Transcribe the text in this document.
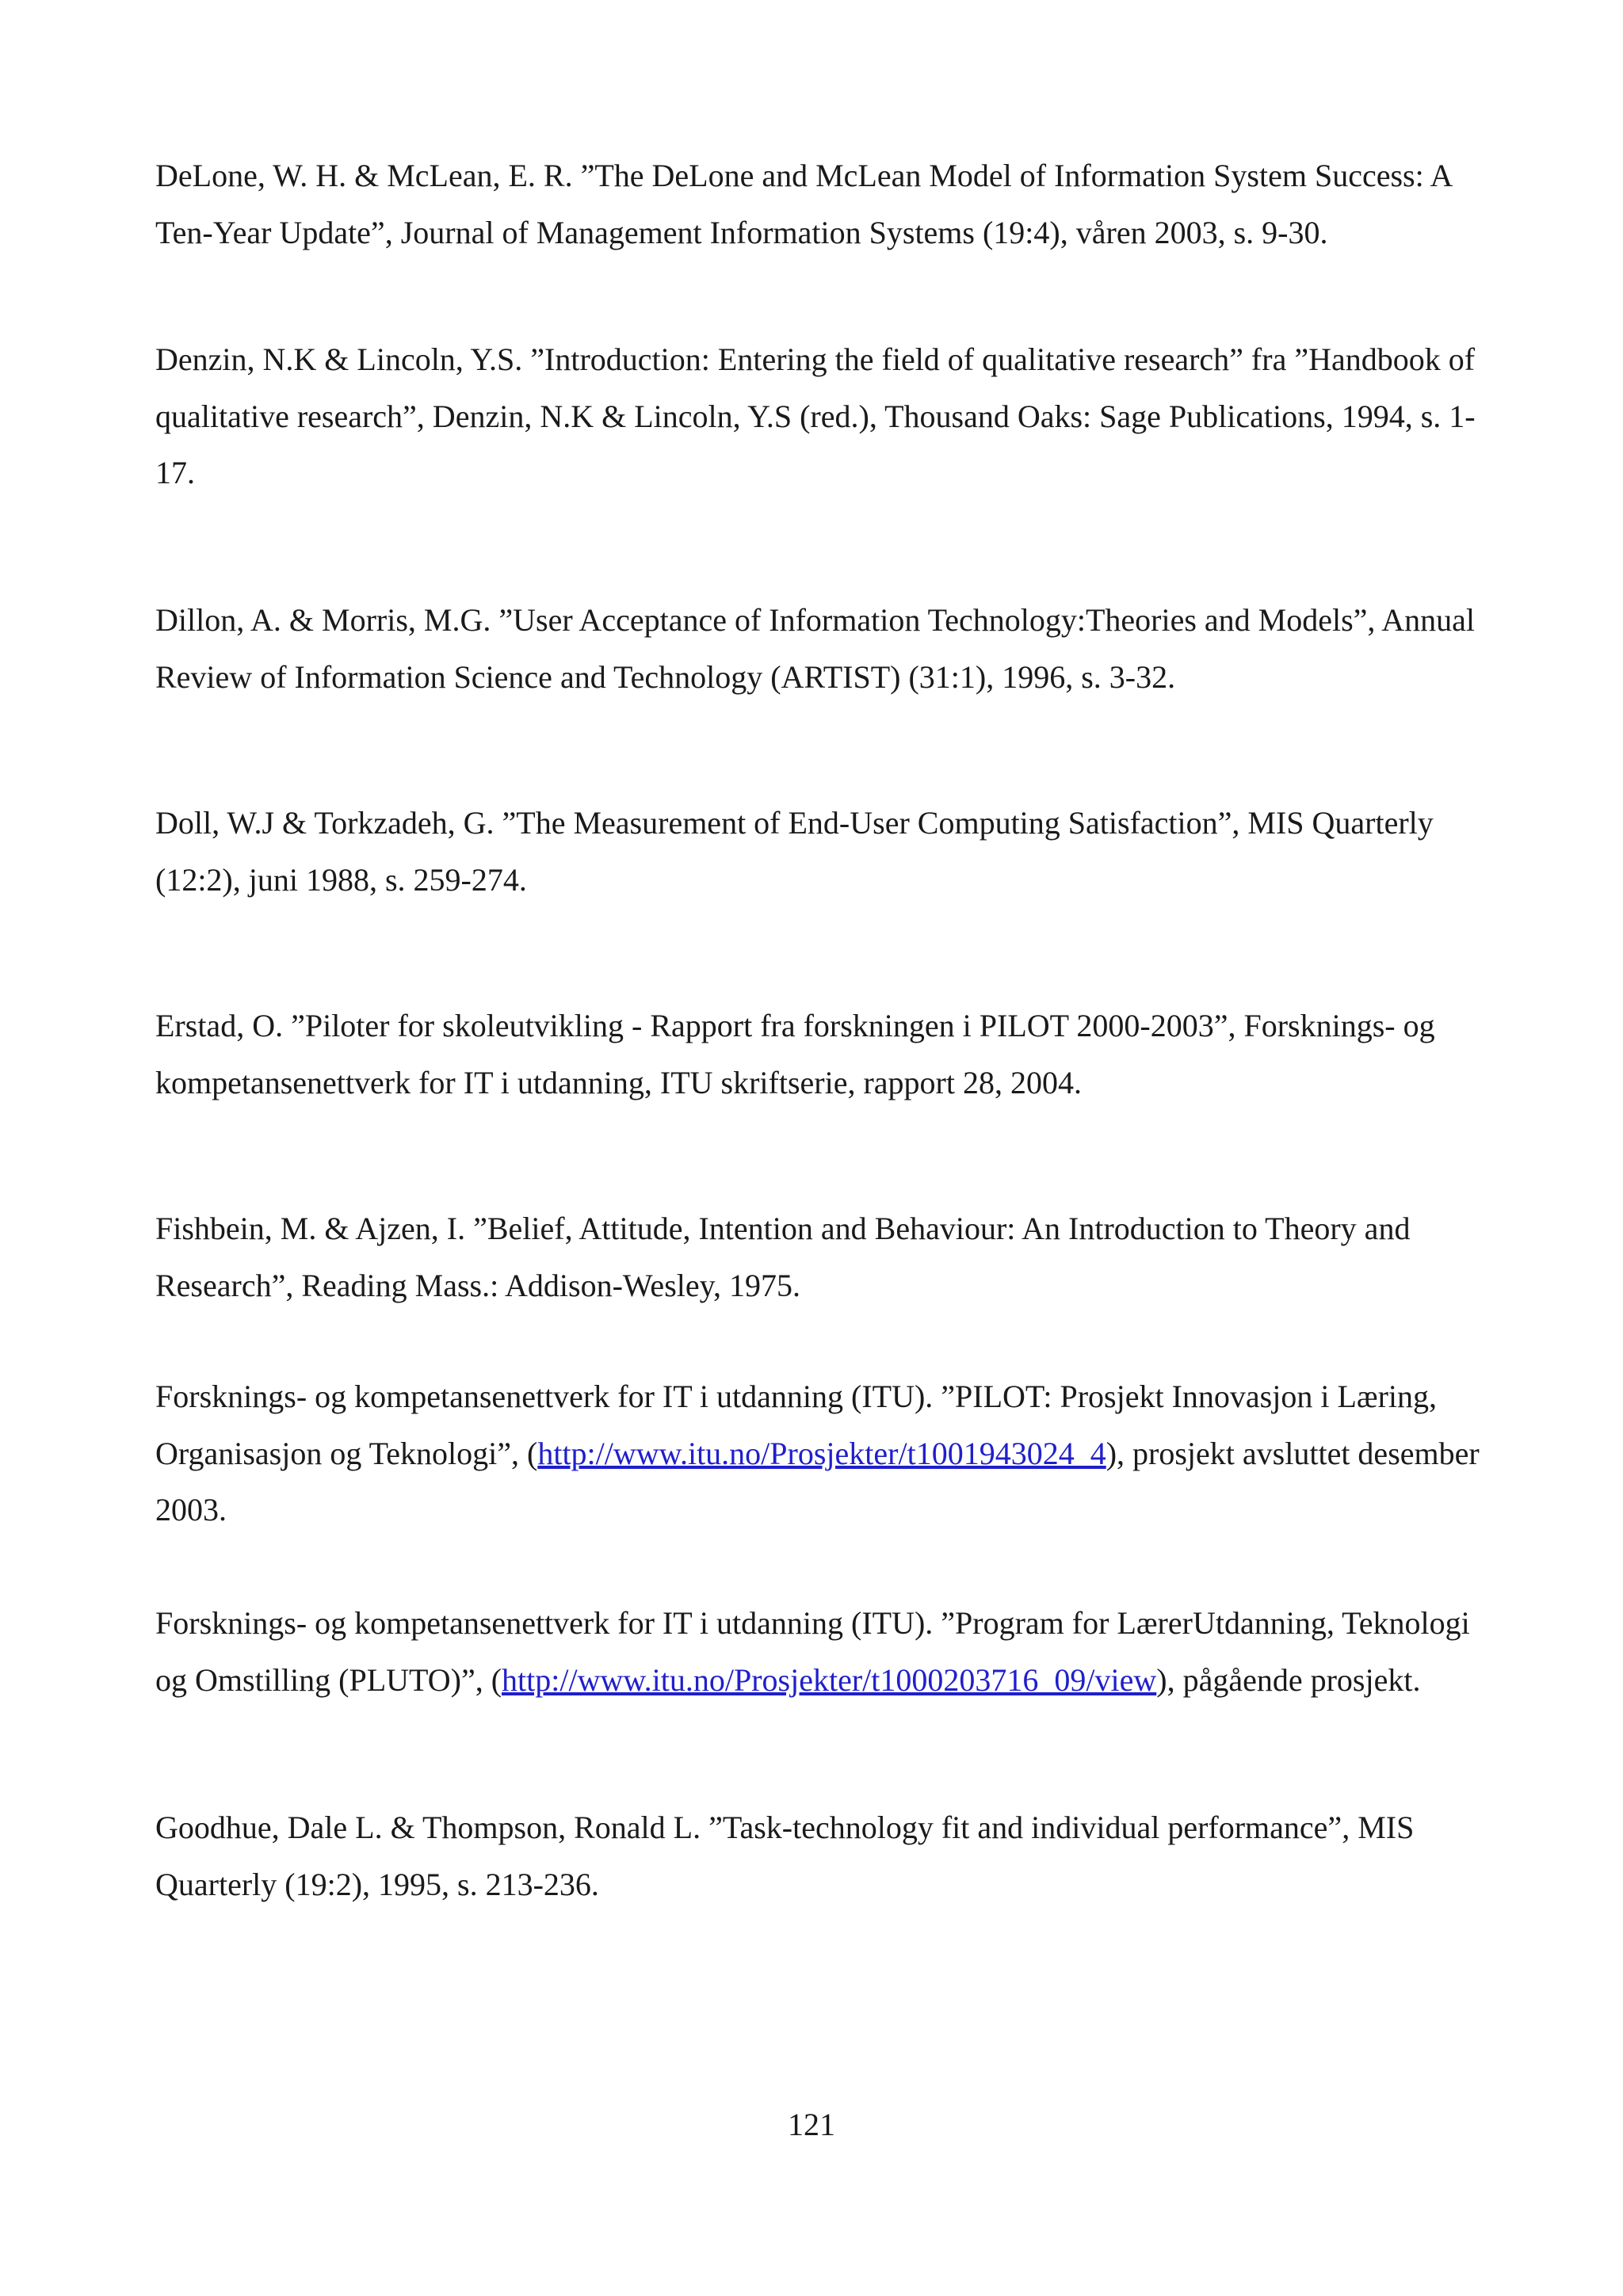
DeLone, W. H. & McLean, E. R. ”The DeLone and McLean Model of Information System Success: A Ten-Year Update”, Journal of Management Information Systems (19:4), våren 2003, s. 9-30.

Denzin, N.K & Lincoln, Y.S. ”Introduction: Entering the field of qualitative research” fra ”Handbook of qualitative research”, Denzin, N.K & Lincoln, Y.S (red.), Thousand Oaks: Sage Publications, 1994, s. 1-17.

Dillon, A. & Morris, M.G. ”User Acceptance of Information Technology:Theories and Models”, Annual Review of Information Science and Technology (ARTIST) (31:1), 1996, s. 3-32.

Doll, W.J & Torkzadeh, G. ”The Measurement of End-User Computing Satisfaction”, MIS Quarterly (12:2), juni 1988, s. 259-274.

Erstad, O. ”Piloter for skoleutvikling - Rapport fra forskningen i PILOT 2000-2003”, Forsknings- og kompetansenettverk for IT i utdanning, ITU skriftserie, rapport 28, 2004.

Fishbein, M. & Ajzen, I. ”Belief, Attitude, Intention and Behaviour: An Introduction to Theory and Research”, Reading Mass.: Addison-Wesley, 1975.

Forsknings- og kompetansenettverk for IT i utdanning (ITU). ”PILOT: Prosjekt Innovasjon i Læring, Organisasjon og Teknologi”, (http://www.itu.no/Prosjekter/t1001943024_4), prosjekt avsluttet desember 2003.

Forsknings- og kompetansenettverk for IT i utdanning (ITU). ”Program for LærerUtdanning, Teknologi og Omstilling (PLUTO)”, (http://www.itu.no/Prosjekter/t1000203716_09/view), pågående prosjekt.

Goodhue, Dale L. & Thompson, Ronald L. ”Task-technology fit and individual performance”, MIS Quarterly (19:2), 1995, s. 213-236.

121
